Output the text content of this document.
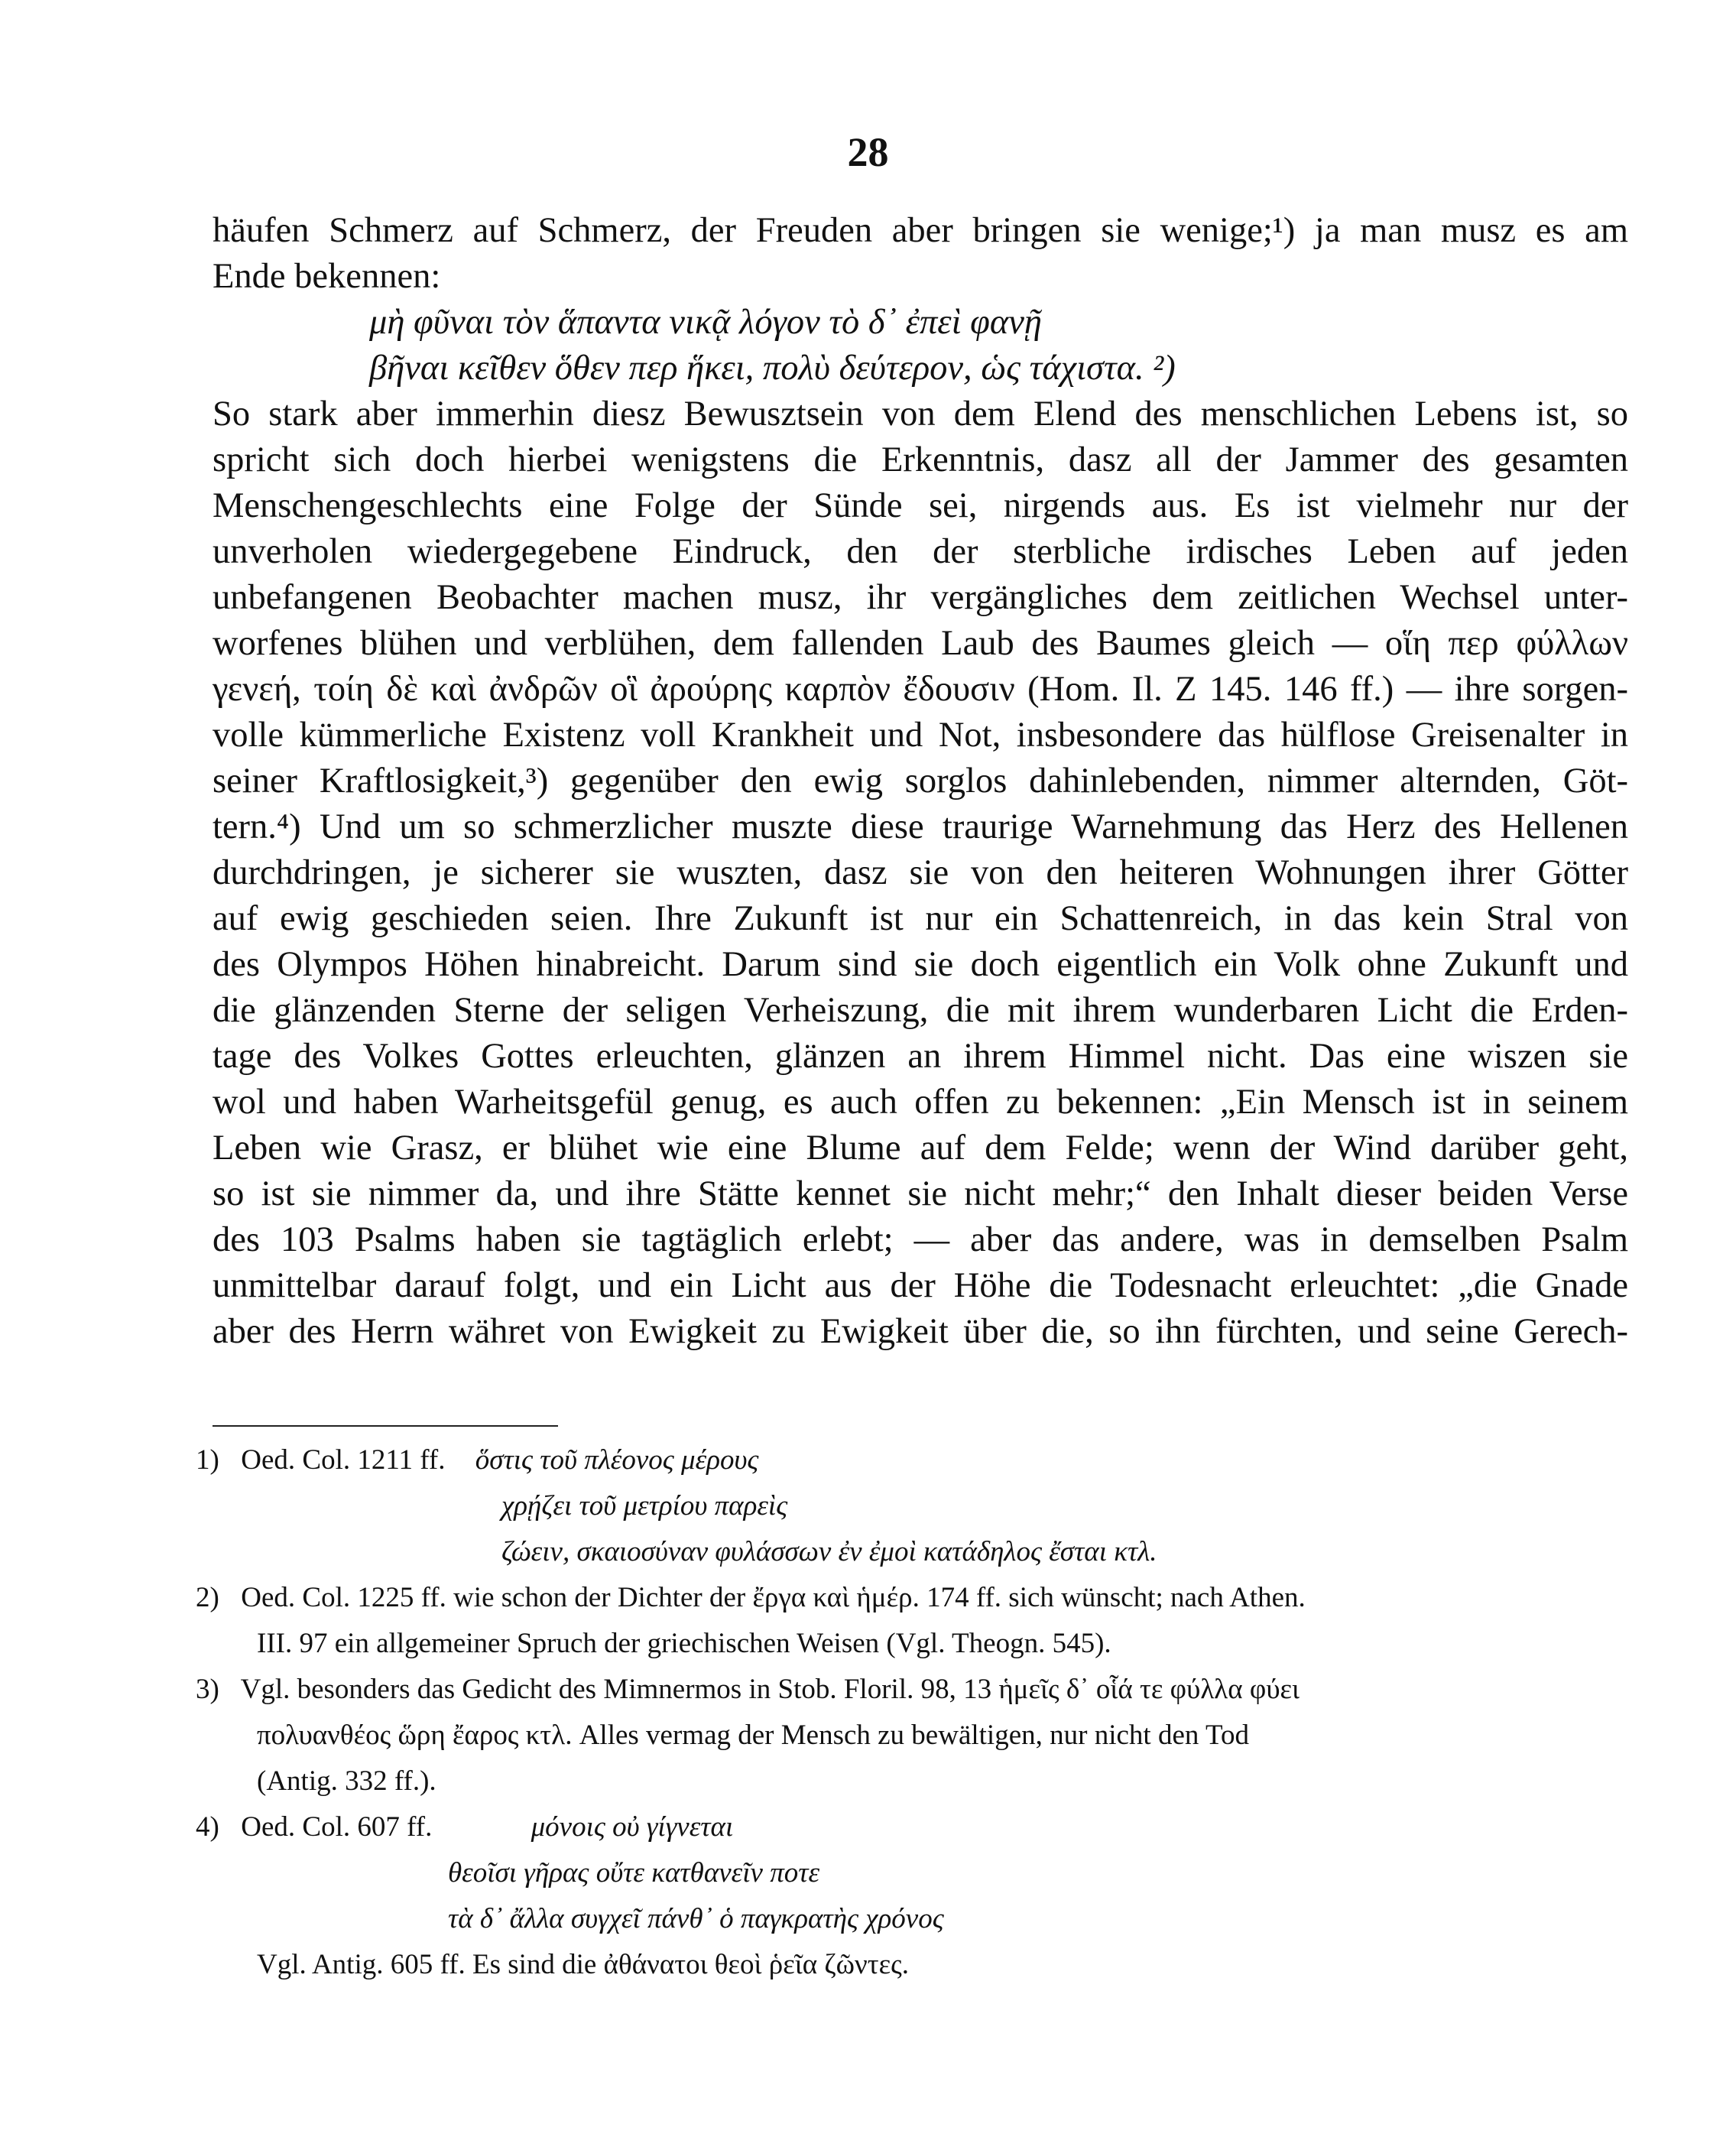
28
häufen Schmerz auf Schmerz, der Freuden aber bringen sie wenige;¹) ja man musz es am
Ende bekennen:
μὴ φῦναι τὸν ἅπαντα νικᾷ λόγον τὸ δ᾽ ἐπεὶ φανῇ
βῆναι κεῖθεν ὅθεν περ ἥκει, πολὺ δεύτερον, ὡς τάχιστα. ²)
So stark aber immerhin diesz Bewusztsein von dem Elend des menschlichen Lebens ist, so
spricht sich doch hierbei wenigstens die Erkenntnis, dasz all der Jammer des gesamten
Menschengeschlechts eine Folge der Sünde sei, nirgends aus. Es ist vielmehr nur der
unverholen wiedergegebene Eindruck, den der sterbliche irdisches Leben auf jeden
unbefangenen Beobachter machen musz, ihr vergängliches dem zeitlichen Wechsel unter-
worfenes blühen und verblühen, dem fallenden Laub des Baumes gleich — οἵη περ φύλλων
γενεή, τοίη δὲ καὶ ἀνδρῶν οἳ ἀρούρης καρπὸν ἔδουσιν (Hom. Il. Ζ 145. 146 ff.) — ihre sorgen-
volle kümmerliche Existenz voll Krankheit und Not, insbesondere das hülflose Greisenalter in
seiner Kraftlosigkeit,³) gegenüber den ewig sorglos dahinlebenden, nimmer alternden, Göt-
tern.⁴) Und um so schmerzlicher muszte diese traurige Warnehmung das Herz des Hellenen
durchdringen, je sicherer sie wuszten, dasz sie von den heiteren Wohnungen ihrer Götter
auf ewig geschieden seien. Ihre Zukunft ist nur ein Schattenreich, in das kein Stral von
des Olympos Höhen hinabreicht. Darum sind sie doch eigentlich ein Volk ohne Zukunft und
die glänzenden Sterne der seligen Verheiszung, die mit ihrem wunderbaren Licht die Erden-
tage des Volkes Gottes erleuchten, glänzen an ihrem Himmel nicht. Das eine wiszen sie
wol und haben Warheitsgefül genug, es auch offen zu bekennen: „Ein Mensch ist in seinem
Leben wie Grasz, er blühet wie eine Blume auf dem Felde; wenn der Wind darüber geht,
so ist sie nimmer da, und ihre Stätte kennet sie nicht mehr;“ den Inhalt dieser beiden Verse
des 103 Psalms haben sie tagtäglich erlebt; — aber das andere, was in demselben Psalm
unmittelbar darauf folgt, und ein Licht aus der Höhe die Todesnacht erleuchtet: „die Gnade
aber des Herrn währet von Ewigkeit zu Ewigkeit über die, so ihn fürchten, und seine Gerech-
1) Oed. Col. 1211 ff. ὅστις τοῦ πλέονος μέρους
χρῄζει τοῦ μετρίου παρεὶς
ζώειν, σκαιοσύναν φυλάσσων ἐν ἐμοὶ κατάδηλος ἔσται κτλ.
2) Oed. Col. 1225 ff. wie schon der Dichter der ἔργα καὶ ἡμέρ. 174 ff. sich wünscht; nach Athen.
III. 97 ein allgemeiner Spruch der griechischen Weisen (Vgl. Theogn. 545).
3) Vgl. besonders das Gedicht des Mimnermos in Stob. Floril. 98, 13 ἡμεῖς δ᾽ οἷά τε φύλλα φύει
πολυανθέος ὥρη ἔαρος κτλ. Alles vermag der Mensch zu bewältigen, nur nicht den Tod
(Antig. 332 ff.).
4) Oed. Col. 607 ff.	μόνοις οὐ γίγνεται
θεοῖσι γῆρας οὔτε κατθανεῖν ποτε
τὰ δ᾽ ἄλλα συγχεῖ πάνθ᾽ ὁ παγκρατὴς χρόνος
Vgl. Antig. 605 ff. Es sind die ἀθάνατοι θεοὶ ῥεῖα ζῶντες.
